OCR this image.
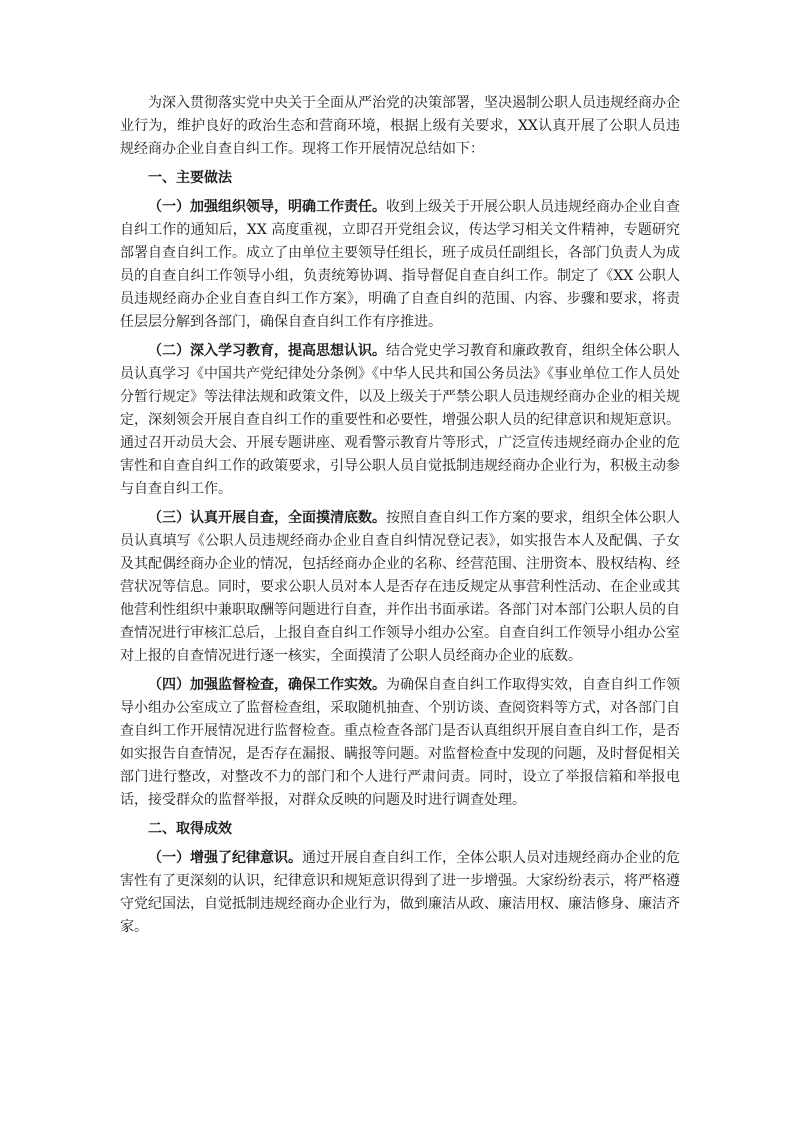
为深入贯彻落实党中央关于全面从严治党的决策部署，坚决遏制公职人员违规经商办企业行为，维护良好的政治生态和营商环境，根据上级有关要求，XX认真开展了公职人员违规经商办企业自查自纠工作。现将工作开展情况总结如下：

一、主要做法

（一）加强组织领导，明确工作责任。收到上级关于开展公职人员违规经商办企业自查自纠工作的通知后，XX 高度重视，立即召开党组会议，传达学习相关文件精神，专题研究部署自查自纠工作。成立了由单位主要领导任组长，班子成员任副组长，各部门负责人为成员的自查自纠工作领导小组，负责统筹协调、指导督促自查自纠工作。制定了《XX 公职人员违规经商办企业自查自纠工作方案》，明确了自查自纠的范围、内容、步骤和要求，将责任层层分解到各部门，确保自查自纠工作有序推进。

（二）深入学习教育，提高思想认识。结合党史学习教育和廉政教育，组织全体公职人员认真学习《中国共产党纪律处分条例》《中华人民共和国公务员法》《事业单位工作人员处分暂行规定》等法律法规和政策文件，以及上级关于严禁公职人员违规经商办企业的相关规定，深刻领会开展自查自纠工作的重要性和必要性，增强公职人员的纪律意识和规矩意识。通过召开动员大会、开展专题讲座、观看警示教育片等形式，广泛宣传违规经商办企业的危害性和自查自纠工作的政策要求，引导公职人员自觉抵制违规经商办企业行为，积极主动参与自查自纠工作。

（三）认真开展自查，全面摸清底数。按照自查自纠工作方案的要求，组织全体公职人员认真填写《公职人员违规经商办企业自查自纠情况登记表》，如实报告本人及配偶、子女及其配偶经商办企业的情况，包括经商办企业的名称、经营范围、注册资本、股权结构、经营状况等信息。同时，要求公职人员对本人是否存在违反规定从事营利性活动、在企业或其他营利性组织中兼职取酬等问题进行自查，并作出书面承诺。各部门对本部门公职人员的自查情况进行审核汇总后，上报自查自纠工作领导小组办公室。自查自纠工作领导小组办公室对上报的自查情况进行逐一核实，全面摸清了公职人员经商办企业的底数。

（四）加强监督检查，确保工作实效。为确保自查自纠工作取得实效，自查自纠工作领导小组办公室成立了监督检查组，采取随机抽查、个别访谈、查阅资料等方式，对各部门自查自纠工作开展情况进行监督检查。重点检查各部门是否认真组织开展自查自纠工作，是否如实报告自查情况，是否存在漏报、瞒报等问题。对监督检查中发现的问题，及时督促相关部门进行整改，对整改不力的部门和个人进行严肃问责。同时，设立了举报信箱和举报电话，接受群众的监督举报，对群众反映的问题及时进行调查处理。

二、取得成效

（一）增强了纪律意识。通过开展自查自纠工作，全体公职人员对违规经商办企业的危害性有了更深刻的认识，纪律意识和规矩意识得到了进一步增强。大家纷纷表示，将严格遵守党纪国法，自觉抵制违规经商办企业行为，做到廉洁从政、廉洁用权、廉洁修身、廉洁齐家。
